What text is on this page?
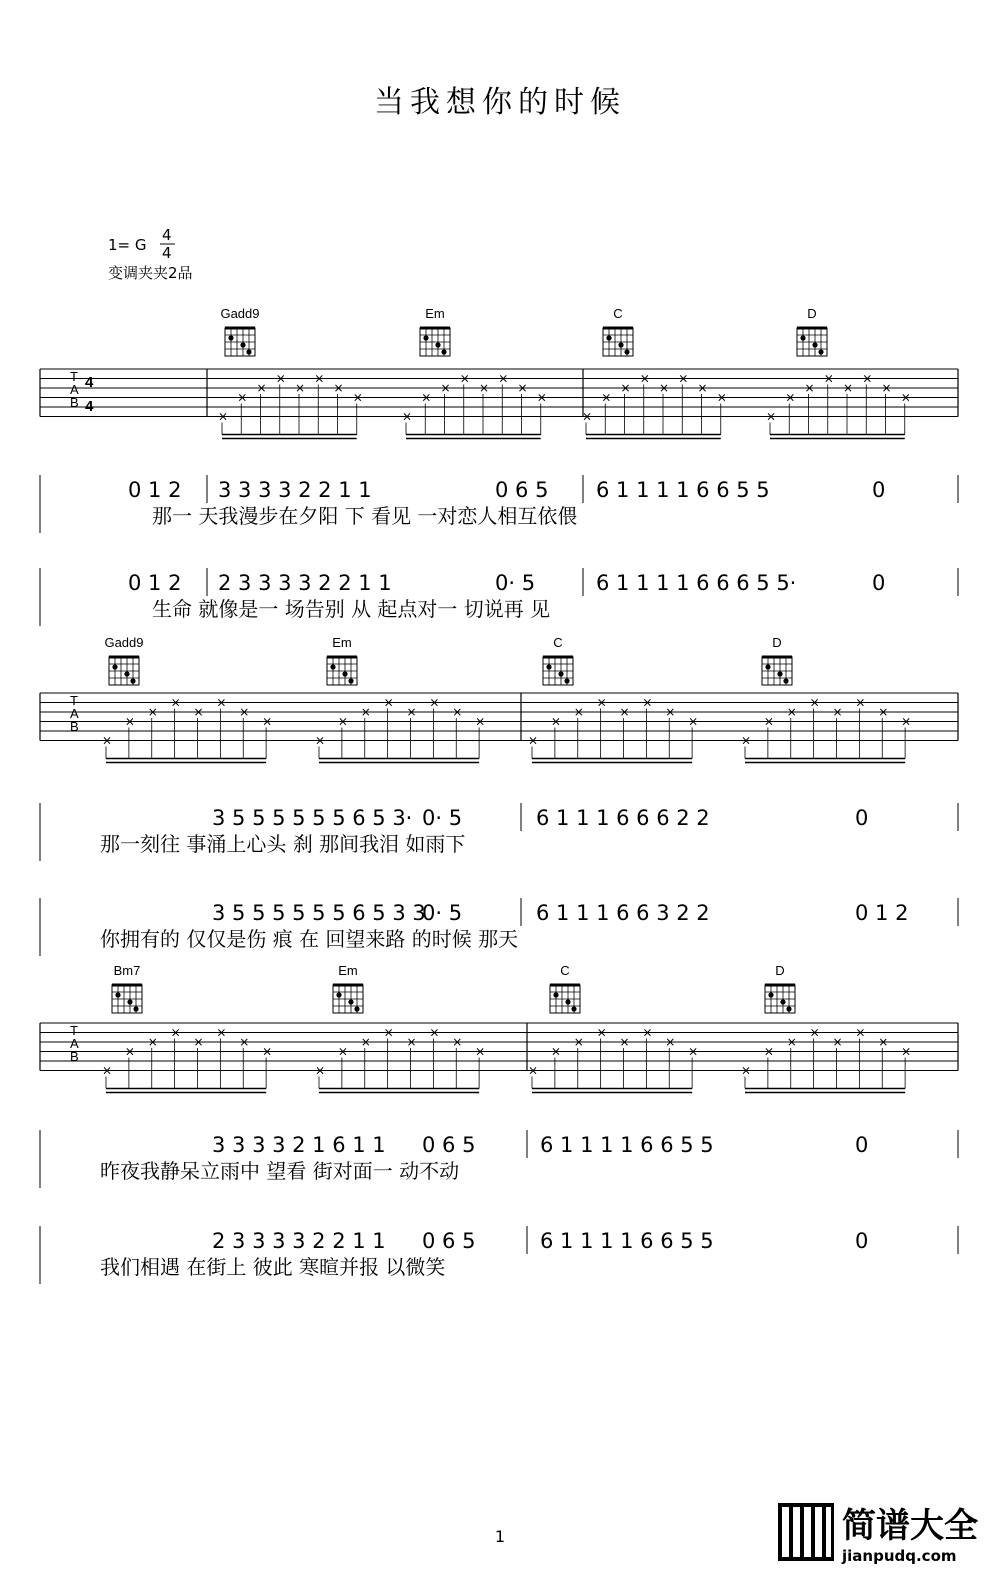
当我想你的时候
1= G
4
4
变调夹夹2品
T
A
B
4
4
×
×
×
×
×
×
×
×
×
×
×
×
×
×
×
×
×
×
×
×
×
×
×
×
×
×
×
×
×
×
×
×
Gadd9	Em	C	D
0 1 2 3 3 3 3 2 2 1 1	0 6 5 6 1 1 1 1 6 6 5 5	0
那一 天我漫步在夕阳 下 看见 一对恋人相互依偎
0 1 2 2 3 3 3 3 2 2 1 1	0· 5	6 1 1 1 1 6 6 6 5 5·	0
生命 就像是一 场告别 从 起点对一 切说再 见
T
A
B
×
×
×
×
×
×
×
×
×
×
×
×
×
×
×
×
×
×
×
×
×
×
×
×
×
×
×
×
×
×
×
×
Gadd9	Em	C	D
3 5 5 5 5 5 5 6 5 3· 0· 5	6 1 1 1 6 6 6 2 2	0
那一刻往 事涌上心头 刹 那间我泪 如雨下
3 5 5 5 5 5 5 6 5 3 3
0· 5	6 1 1 1 6 6 3 2 2	0 1 2
你拥有的 仅仅是伤 痕 在 回望来路 的时候 那天
T
A
B
×
×
×
×
×
×
×
×
×
×
×
×
×
×
×
×
×
×
×
×
×
×
×
×
×
×
×
×
×
×
×
×
Bm7	Em	C	D
3 3 3 3 2 1 6 1 1 0 6 5	6 1 1 1 1 6 6 5 5	0
昨夜我静呆立雨中 望看 街对面一 动不动
2 3 3 3 3 2 2 1 1 0 6 5	6 1 1 1 1 6 6 5 5	0
我们相遇 在街上 彼此 寒暄并报 以微笑
1	简谱大全
jianpudq.com
